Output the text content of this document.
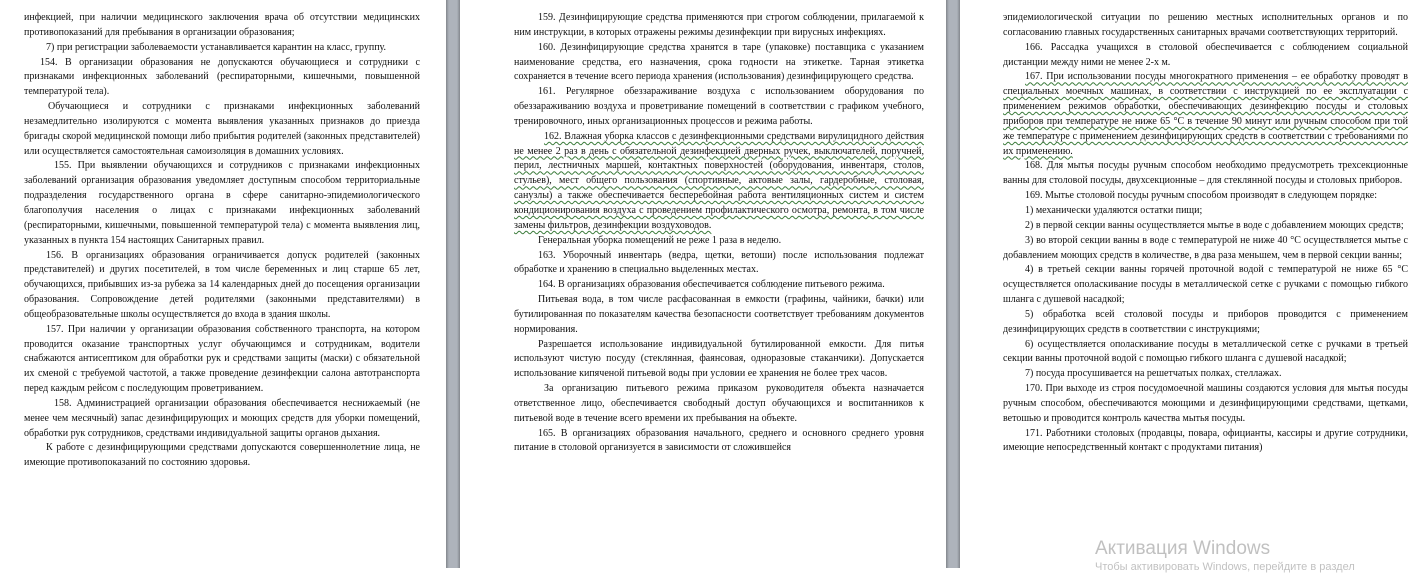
инфекцией, при наличии медицинского заключения врача об отсутствии медицинских противопоказаний для пребывания в организации образования;

7) при регистрации заболеваемости устанавливается карантин на класс, группу.

154. В организации образования не допускаются обучающиеся и сотрудники с признаками инфекционных заболеваний (респираторными, кишечными, повышенной температурой тела).

Обучающиеся и сотрудники с признаками инфекционных заболеваний незамедлительно изолируются с момента выявления указанных признаков до приезда бригады скорой медицинской помощи либо прибытия родителей (законных представителей) или осуществляется самостоятельная самоизоляция в домашних условиях.

155. При выявлении обучающихся и сотрудников с признаками инфекционных заболеваний организация образования уведомляет доступным способом территориальные подразделения государственного органа в сфере санитарно-эпидемиологического благополучия населения о лицах с признаками инфекционных заболеваний (респираторными, кишечными, повышенной температурой тела) с момента выявления лиц, указанных в пункта 154 настоящих Санитарных правил.

156. В организациях образования ограничивается допуск родителей (законных представителей) и других посетителей, в том числе беременных и лиц старше 65 лет, обучающихся, прибывших из-за рубежа за 14 календарных дней до посещения организации образования. Сопровождение детей родителями (законными представителями) в общеобразовательные школы осуществляется до входа в здания школы.

157. При наличии у организации образования собственного транспорта, на котором проводится оказание транспортных услуг обучающимся и сотрудникам, водители снабжаются антисептиком для обработки рук и средствами защиты (маски) с обязательной их сменой с требуемой частотой, а также проведение дезинфекции салона автотранспорта перед каждым рейсом с последующим проветриванием.

158. Администрацией организации образования обеспечивается неснижаемый (не менее чем месячный) запас дезинфицирующих и моющих средств для уборки помещений, обработки рук сотрудников, средствами индивидуальной защиты органов дыхания.

К работе с дезинфицирующими средствами допускаются совершеннолетние лица, не имеющие противопоказаний по состоянию здоровья.

159. Дезинфицирующие средства применяются при строгом соблюдении, прилагаемой к ним инструкции, в которых отражены режимы дезинфекции при вирусных инфекциях.

160. Дезинфицирующие средства хранятся в таре (упаковке) поставщика с указанием наименование средства, его назначения, срока годности на этикетке. Тарная этикетка сохраняется в течение всего периода хранения (использования) дезинфицирующего средства.

161. Регулярное обеззараживание воздуха с использованием оборудования по обеззараживанию воздуха и проветривание помещений в соответствии с графиком учебного, тренировочного, иных организационных процессов и режима работы.

162. Влажная уборка классов с дезинфекционными средствами вирулицидного действия не менее 2 раз в день с обязательной дезинфекцией дверных ручек, выключателей, поручней, перил, лестничных маршей, контактных поверхностей (оборудования, инвентаря, столов, стульев), мест общего пользования (спортивные, актовые залы, гардеробные, столовая, санузлы) а также обеспечивается бесперебойная работа вентиляционных систем и систем кондиционирования воздуха с проведением профилактического осмотра, ремонта, в том числе замены фильтров, дезинфекции воздуховодов.

Генеральная уборка помещений не реже 1 раза в неделю.

163. Уборочный инвентарь (ведра, щетки, ветоши) после использования подлежат обработке и хранению в специально выделенных местах.

164. В организациях образования обеспечивается соблюдение питьевого режима.

Питьевая вода, в том числе расфасованная в емкости (графины, чайники, бачки) или бутилированная по показателям качества безопасности соответствует требованиям документов нормирования.

Разрешается использование индивидуальной бутилированной емкости. Для питья используют чистую посуду (стеклянная, фаянсовая, одноразовые стаканчики). Допускается использование кипяченой питьевой воды при условии ее хранения не более трех часов.

За организацию питьевого режима приказом руководителя объекта назначается ответственное лицо, обеспечивается свободный доступ обучающихся и воспитанников к питьевой воде в течение всего времени их пребывания на объекте.

165. В организациях образования начального, среднего и основного среднего уровня питание в столовой организуется в зависимости от сложившейся

эпидемиологической ситуации по решению местных исполнительных органов и по согласованию главных государственных санитарных врачами соответствующих территорий.

166. Рассадка учащихся в столовой обеспечивается с соблюдением социальной дистанции между ними не менее 2-х м.

167. При использовании посуды многократного применения – ее обработку проводят в специальных моечных машинах, в соответствии с инструкцией по ее эксплуатации с применением режимов обработки, обеспечивающих дезинфекцию посуды и столовых приборов при температуре не ниже 65 °С в течение 90 минут или ручным способом при той же температуре с применением дезинфицирующих средств в соответствии с требованиями по их применению.

168. Для мытья посуды ручным способом необходимо предусмотреть трехсекционные ванны для столовой посуды, двухсекционные – для стеклянной посуды и столовых приборов.

169. Мытье столовой посуды ручным способом производят в следующем порядке:

1) механически удаляются остатки пищи;

2) в первой секции ванны осуществляется мытье в воде с добавлением моющих средств;

3) во второй секции ванны в воде с температурой не ниже 40 °С осуществляется мытье с добавлением моющих средств в количестве, в два раза меньшем, чем в первой секции ванны;

4) в третьей секции ванны горячей проточной водой с температурой не ниже 65 °С осуществляется ополаскивание посуды в металлической сетке с ручками с помощью гибкого шланга с душевой насадкой;

5) обработка всей столовой посуды и приборов проводится с применением дезинфицирующих средств в соответствии с инструкциями;

6) осуществляется ополаскивание посуды в металлической сетке с ручками в третьей секции ванны проточной водой с помощью гибкого шланга с душевой насадкой;

7) посуда просушивается на решетчатых полках, стеллажах.

170. При выходе из строя посудомоечной машины создаются условия для мытья посуды ручным способом, обеспечиваются моющими и дезинфицирующими средствами, щетками, ветошью и проводится контроль качества мытья посуды.

171. Работники столовых (продавцы, повара, официанты, кассиры и другие сотрудники, имеющие непосредственный контакт с продуктами питания)

Активация Windows
Чтобы активировать Windows, перейдите в раздел
